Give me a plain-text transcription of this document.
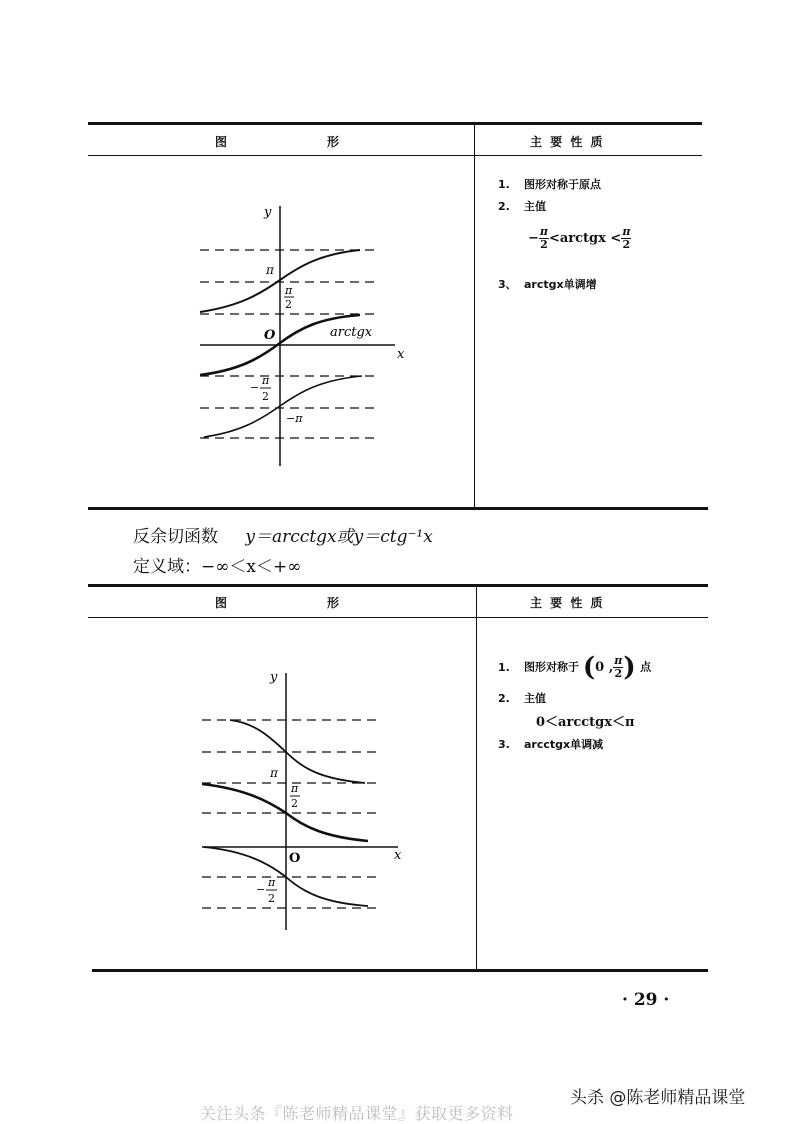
图　　　　　　　形	主 要 性 质
y
x
O
π
π
2
arctgx
−
π
2
−π
1. 图形对称于原点
2. 主值
− $\frac{\pi}{2}$ <arctgx < $\frac{\pi}{2}$
3、 arctgx单调增
反余切函数 y＝arcctgx或y＝ctg⁻¹x
定义域：−∞＜x＜+∞
图　　　　　　　形	主 要 性 质
y
x
O
π
π
2
−
π
2
1. 图形对称于 (0 , $\frac{\pi}{2}$ ) 点
2. 主值
0＜arcctgx＜π
3. arcctgx单调减
· 29 ·
头杀 @陈老师精品课堂
关注头条『陈老师精品课堂』获取更多资料
